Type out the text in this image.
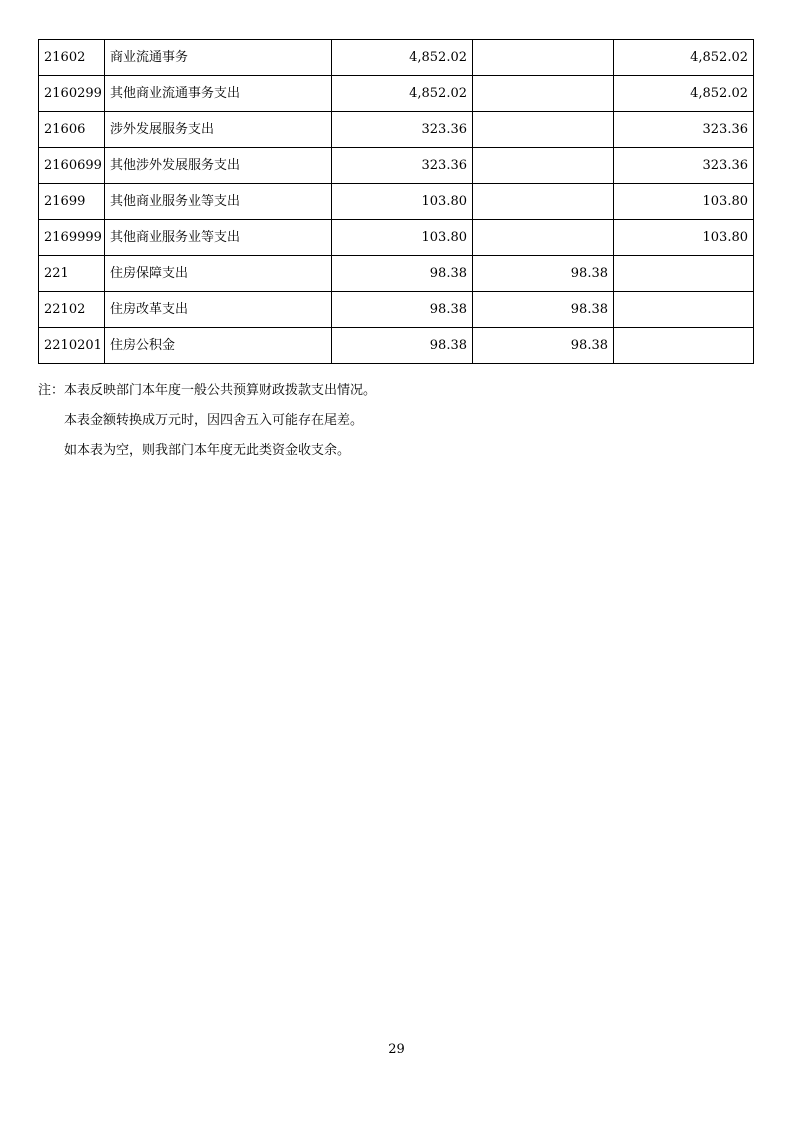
21602	商业流通事务	4,852.02		4,852.02
2160299	其他商业流通事务支出	4,852.02		4,852.02
21606	涉外发展服务支出	323.36		323.36
2160699	其他涉外发展服务支出	323.36		323.36
21699	其他商业服务业等支出	103.80		103.80
2169999	其他商业服务业等支出	103.80		103.80
221	住房保障支出	98.38	98.38	
22102	住房改革支出	98.38	98.38	
2210201	住房公积金	98.38	98.38	

注：本表反映部门本年度一般公共预算财政拨款支出情况。

本表金额转换成万元时，因四舍五入可能存在尾差。

如本表为空，则我部门本年度无此类资金收支余。

29
